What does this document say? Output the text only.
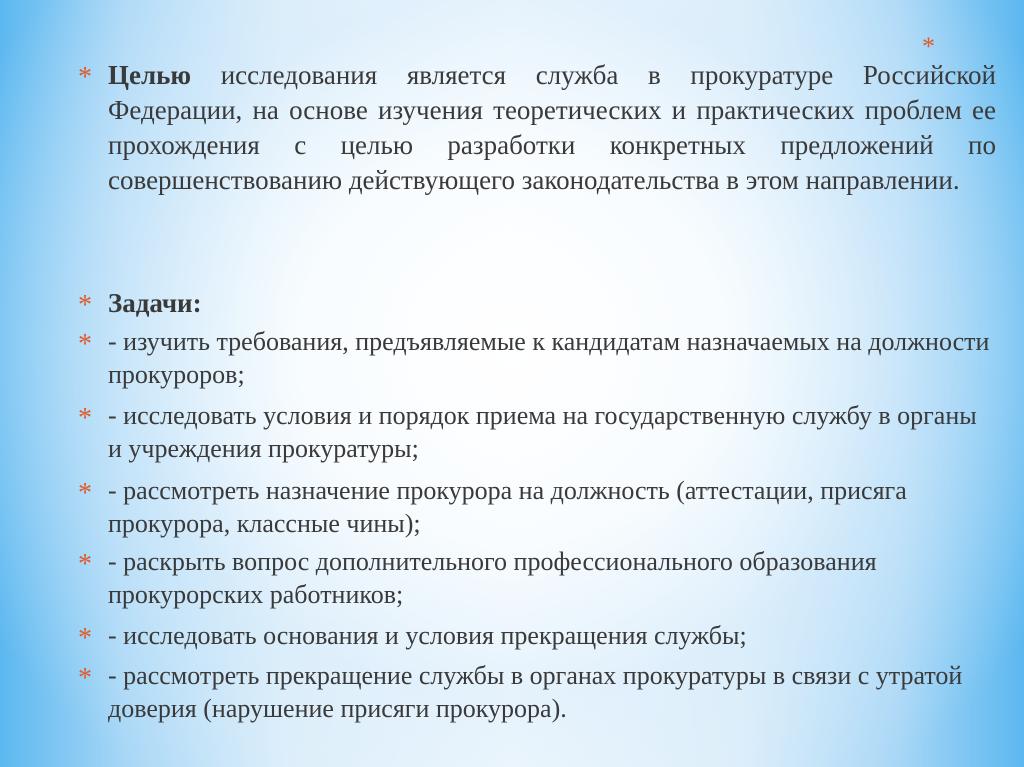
*
* Целью исследования является служба в прокуратуре Российской Федерации, на основе изучения теоретических и практических проблем ее прохождения с целью разработки конкретных предложений по совершенствованию действующего законодательства в этом направлении.
* Задачи:
* - изучить требования, предъявляемые к кандидатам назначаемых на должности прокуроров;
* - исследовать условия и порядок приема на государственную службу в органы и учреждения прокуратуры;
* - рассмотреть назначение прокурора на должность (аттестации, присяга прокурора, классные чины);
* - раскрыть вопрос дополнительного профессионального образования прокурорских работников;
* - исследовать основания и условия прекращения службы;
* - рассмотреть прекращение службы в органах прокуратуры в связи с утратой доверия (нарушение присяги прокурора).
